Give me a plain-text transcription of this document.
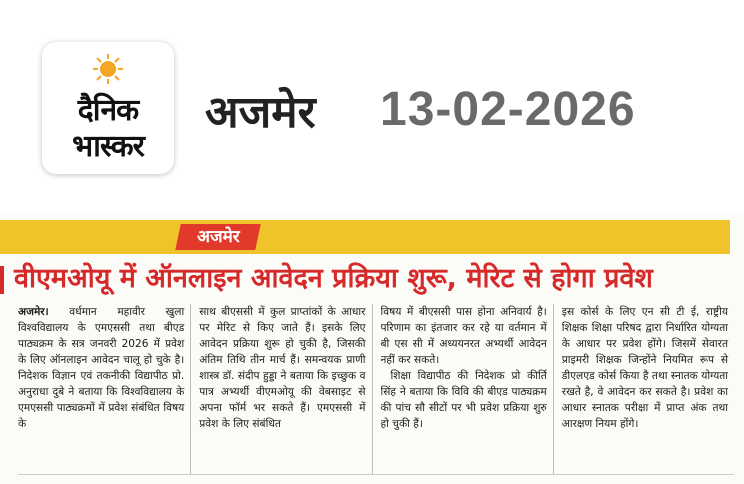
दैनिक
भास्कर
अजमेर 13-02-2026
अजमेर
वीएमओयू में ऑनलाइन आवेदन प्रक्रिया शुरू, मेरिट से होगा प्रवेश

अजमेर। वर्धमान महावीर खुला विश्वविद्यालय के एमएससी तथा बीएड पाठ्यक्रम के सत्र जनवरी 2026 में प्रवेश के लिए ऑनलाइन आवेदन चालू हो चुके है। निदेशक विज्ञान एवं तकनीकी विद्यापीठ प्रो. अनुराधा दुबे ने बताया कि विश्वविद्यालय के एमएससी पाठ्यक्रमों में प्रवेश संबंधित विषय के

साथ बीएससी में कुल प्राप्तांकों के आधार पर मेरिट से किए जाते हैं। इसके लिए आवेदन प्रक्रिया शुरू हो चुकी है, जिसकी अंतिम तिथि तीन मार्च हैं। समन्वयक प्राणी शास्त्र डॉ. संदीप हुड्डा ने बताया कि इच्छुक व पात्र अभ्यर्थी वीएमओयू की वेबसाइट से अपना फॉर्म भर सकते हैं। एमएससी में प्रवेश के लिए संबंधित

विषय में बीएससी पास होना अनिवार्य है। परिणाम का इंतजार कर रहे या वर्तमान में बी एस सी में अध्ययनरत अभ्यर्थी आवेदन नहीं कर सकते।

शिक्षा विद्यापीठ की निदेशक प्रो कीर्ति सिंह ने बताया कि विवि की बीएड पाठ्यक्रम की पांच सौ सीटों पर भी प्रवेश प्रक्रिया शुरु हो चुकी हैं।

इस कोर्स के लिए एन सी टी ई, राष्ट्रीय शिक्षक शिक्षा परिषद द्वारा निर्धारित योग्यता के आधार पर प्रवेश होंगे। जिसमें सेवारत प्राइमरी शिक्षक जिन्होंने नियमित रूप से डीएलएड कोर्स किया है तथा स्नातक योग्यता रखते है, वे आवेदन कर सकते है। प्रवेश का आधार स्नातक परीक्षा में प्राप्त अंक तथा आरक्षण नियम होंगे।
